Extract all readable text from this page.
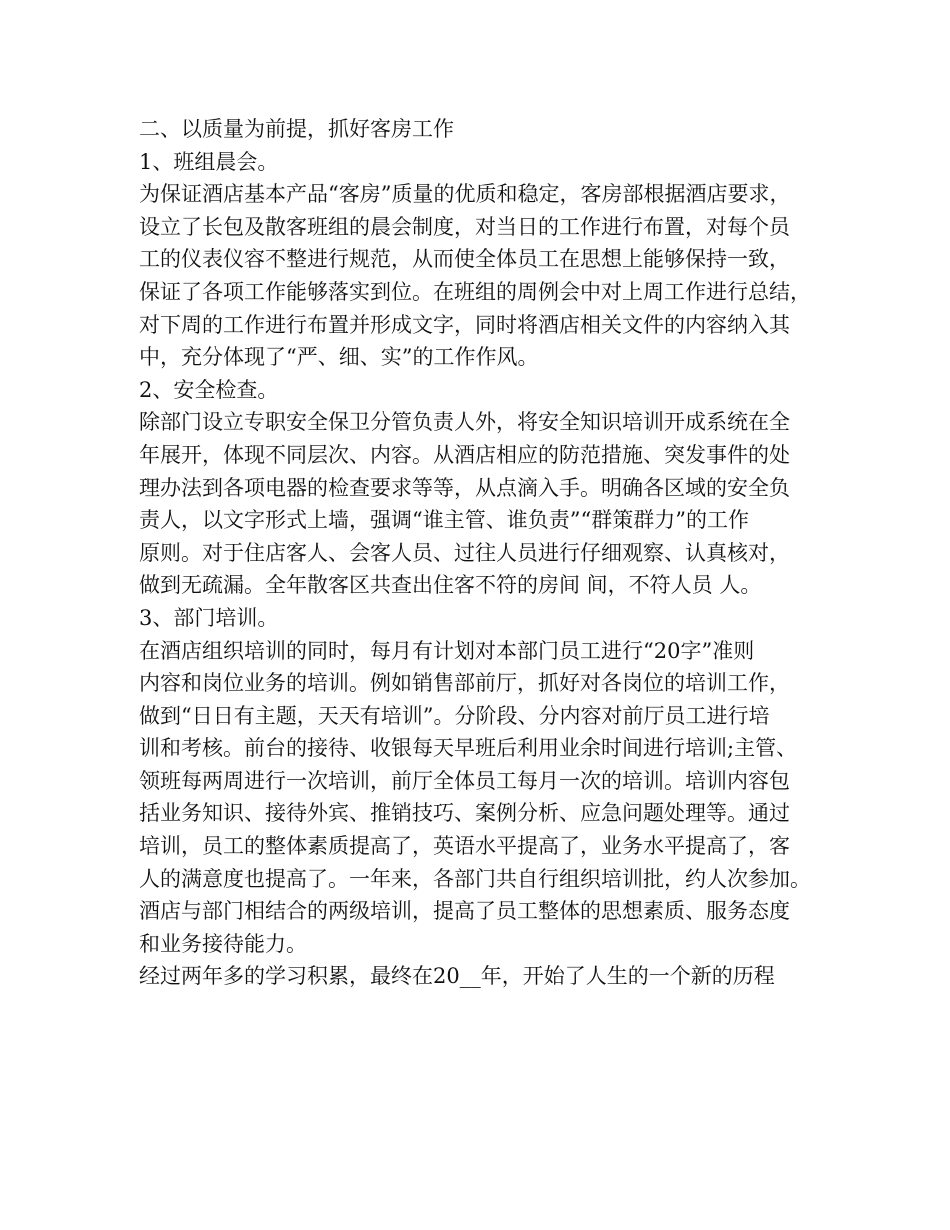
二、以质量为前提，抓好客房工作
1、班组晨会。
为保证酒店基本产品“客房”质量的优质和稳定，客房部根据酒店要求，
设立了长包及散客班组的晨会制度，对当日的工作进行布置，对每个员
工的仪表仪容不整进行规范，从而使全体员工在思想上能够保持一致，
保证了各项工作能够落实到位。在班组的周例会中对上周工作进行总结，
对下周的工作进行布置并形成文字，同时将酒店相关文件的内容纳入其
中，充分体现了“严、细、实”的工作作风。
2、安全检查。
除部门设立专职安全保卫分管负责人外，将安全知识培训开成系统在全
年展开，体现不同层次、内容。从酒店相应的防范措施、突发事件的处
理办法到各项电器的检查要求等等，从点滴入手。明确各区域的安全负
责人，以文字形式上墙，强调“谁主管、谁负责”“群策群力”的工作
原则。对于住店客人、会客人员、过往人员进行仔细观察、认真核对，
做到无疏漏。全年散客区共查出住客不符的房间 间，不符人员 人。
3、部门培训。
在酒店组织培训的同时，每月有计划对本部门员工进行“20字”准则
内容和岗位业务的培训。例如销售部前厅，抓好对各岗位的培训工作，
做到“日日有主题，天天有培训”。分阶段、分内容对前厅员工进行培
训和考核。前台的接待、收银每天早班后利用业余时间进行培训;主管、
领班每两周进行一次培训，前厅全体员工每月一次的培训。培训内容包
括业务知识、接待外宾、推销技巧、案例分析、应急问题处理等。通过
培训，员工的整体素质提高了，英语水平提高了，业务水平提高了，客
人的满意度也提高了。一年来，各部门共自行组织培训批，约人次参加。
酒店与部门相结合的两级培训，提高了员工整体的思想素质、服务态度
和业务接待能力。
经过两年多的学习积累，最终在20__年，开始了人生的一个新的历程
